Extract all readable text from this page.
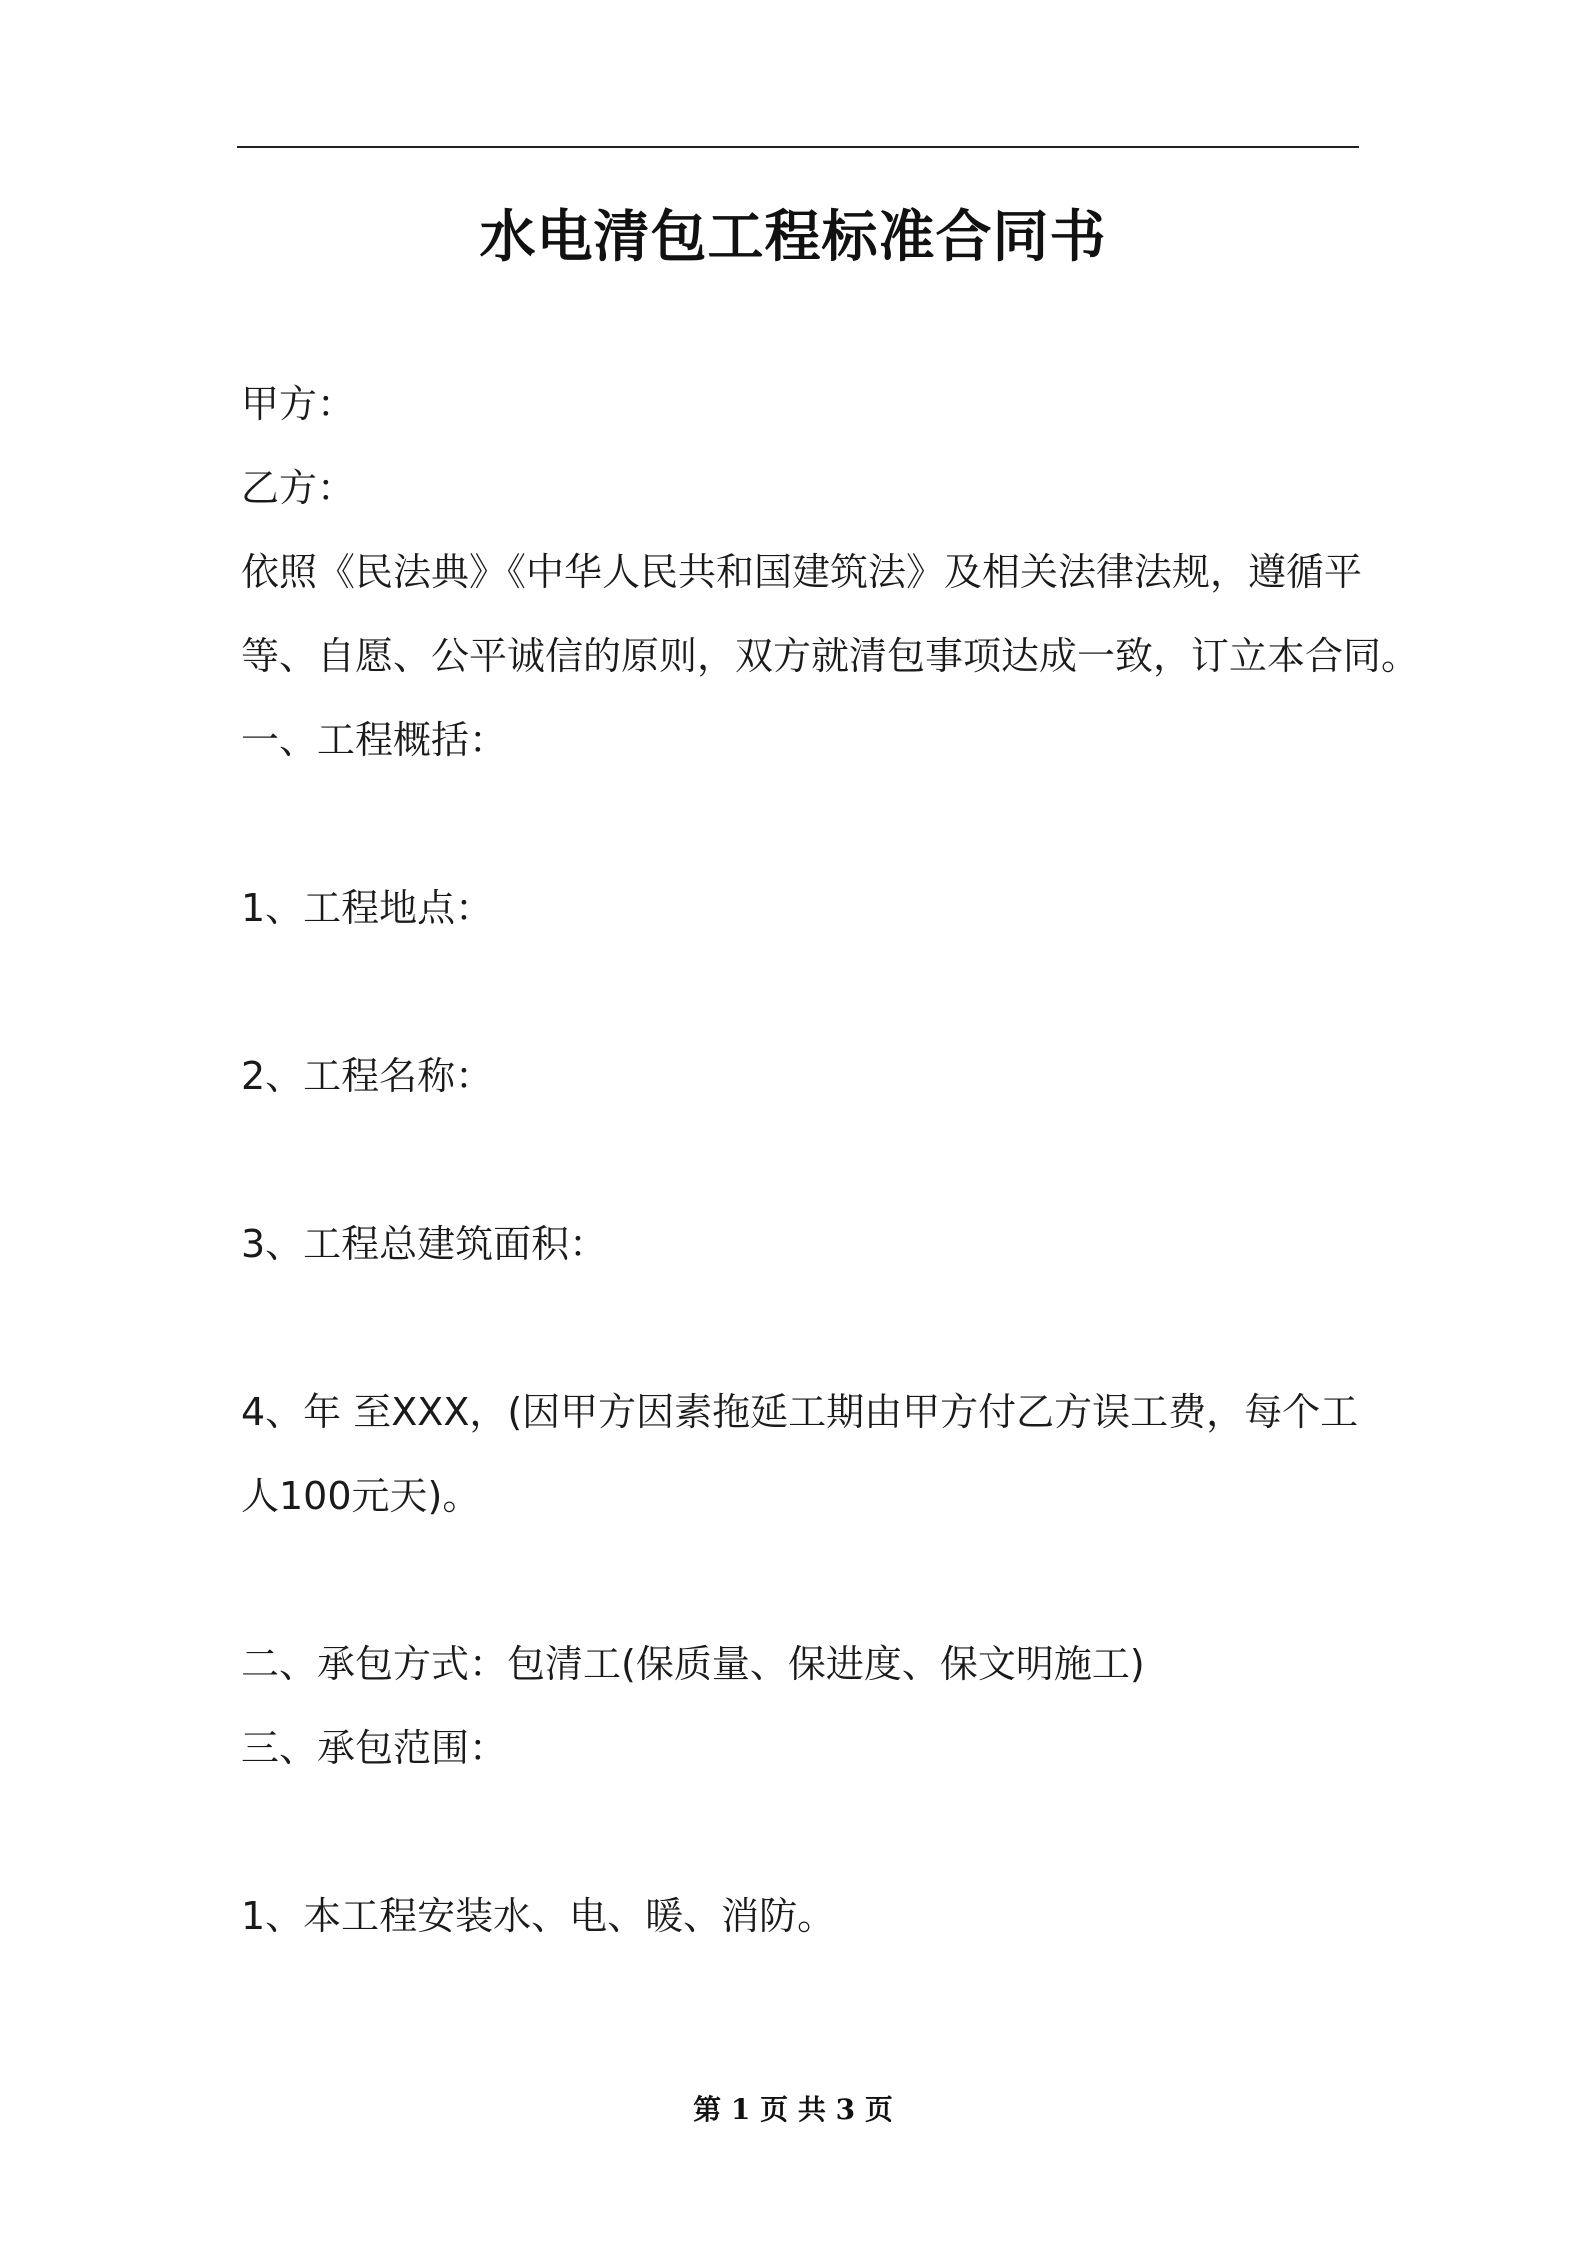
水电清包工程标准合同书
甲方：
乙方：
依照《民法典》《中华人民共和国建筑法》及相关法律法规，遵循平
等、自愿、公平诚信的原则，双方就清包事项达成一致，订立本合同。
一、工程概括：
1、工程地点：
2、工程名称：
3、工程总建筑面积：
4、年 至XXX，(因甲方因素拖延工期由甲方付乙方误工费，每个工
人100元天)。
二、承包方式：包清工(保质量、保进度、保文明施工)
三、承包范围：
1、本工程安装水、电、暖、消防。
第 1 页 共 3 页
